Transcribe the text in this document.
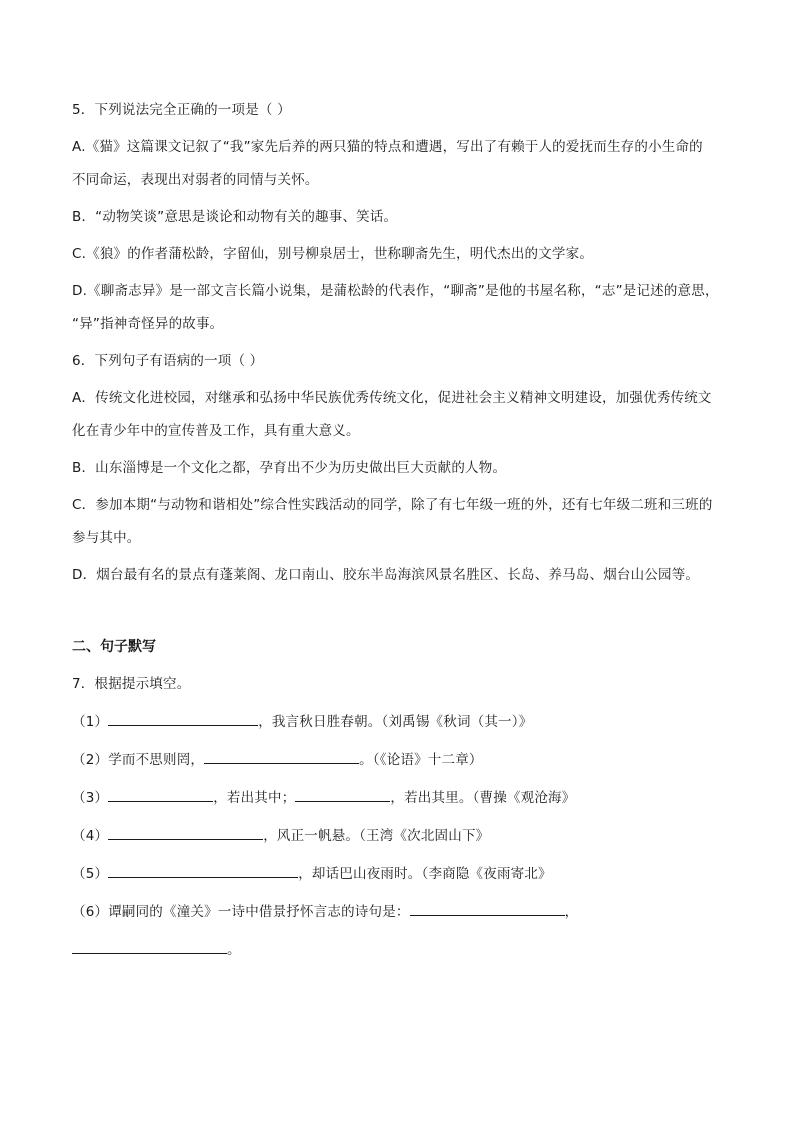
5．下列说法完全正确的一项是（ ）

A.《猫》这篇课文记叙了“我”家先后养的两只猫的特点和遭遇，写出了有赖于人的爱抚而生存的小生命的

不同命运，表现出对弱者的同情与关怀。

B．“动物笑谈”意思是谈论和动物有关的趣事、笑话。

C.《狼》的作者蒲松龄，字留仙，别号柳泉居士，世称聊斋先生，明代杰出的文学家。

D.《聊斋志异》是一部文言长篇小说集，是蒲松龄的代表作，“聊斋”是他的书屋名称，“志”是记述的意思，

“异”指神奇怪异的故事。

6．下列句子有语病的一项（ ）

A．传统文化进校园，对继承和弘扬中华民族优秀传统文化，促进社会主义精神文明建设，加强优秀传统文

化在青少年中的宣传普及工作，具有重大意义。

B．山东淄博是一个文化之都，孕育出不少为历史做出巨大贡献的人物。

C．参加本期“与动物和谐相处”综合性实践活动的同学，除了有七年级一班的外，还有七年级二班和三班的

参与其中。

D．烟台最有名的景点有蓬莱阁、龙口南山、胶东半岛海滨风景名胜区、长岛、养马岛、烟台山公园等。

二、句子默写

7．根据提示填空。

（1）	，我言秋日胜春朝。（刘禹锡《秋词（其一）》

（2）学而不思则罔，	。（《论语》十二章）

（3）	，若出其中；	，若出其里。（曹操《观沧海》

（4）	，风正一帆悬。（王湾《次北固山下》

（5）	，却话巴山夜雨时。（李商隐《夜雨寄北》

（6）谭嗣同的《潼关》一诗中借景抒怀言志的诗句是：	，

。
